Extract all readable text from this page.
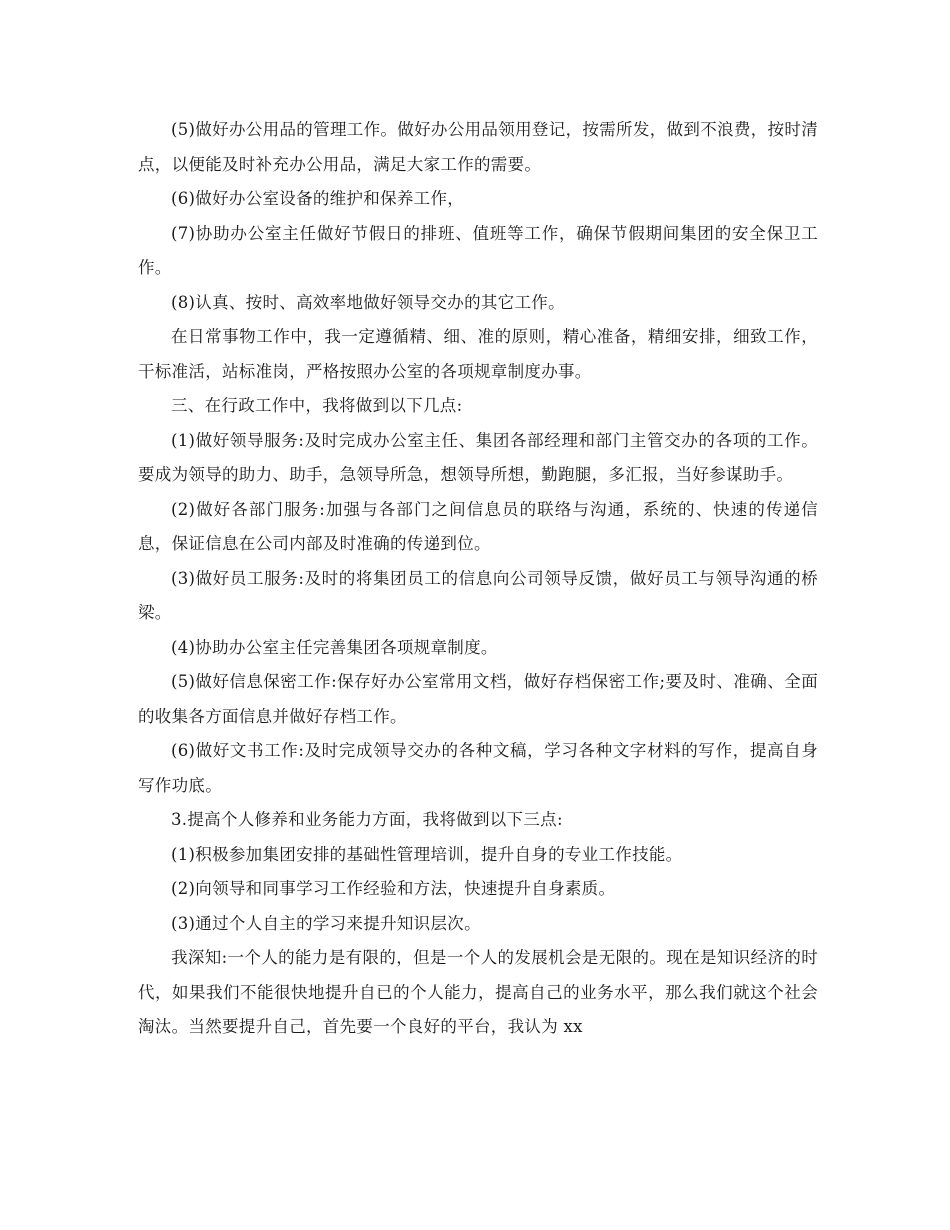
(5)做好办公用品的管理工作。做好办公用品领用登记，按需所发，做到不浪费，按时清点，以便能及时补充办公用品，满足大家工作的需要。

(6)做好办公室设备的维护和保养工作，

(7)协助办公室主任做好节假日的排班、值班等工作，确保节假期间集团的安全保卫工作。

(8)认真、按时、高效率地做好领导交办的其它工作。

在日常事物工作中，我一定遵循精、细、准的原则，精心准备，精细安排，细致工作，干标准活，站标准岗，严格按照办公室的各项规章制度办事。

三、在行政工作中，我将做到以下几点:

(1)做好领导服务:及时完成办公室主任、集团各部经理和部门主管交办的各项的工作。要成为领导的助力、助手，急领导所急，想领导所想，勤跑腿，多汇报，当好参谋助手。

(2)做好各部门服务:加强与各部门之间信息员的联络与沟通，系统的、快速的传递信息，保证信息在公司内部及时准确的传递到位。

(3)做好员工服务:及时的将集团员工的信息向公司领导反馈，做好员工与领导沟通的桥梁。

(4)协助办公室主任完善集团各项规章制度。

(5)做好信息保密工作:保存好办公室常用文档，做好存档保密工作;要及时、准确、全面的收集各方面信息并做好存档工作。

(6)做好文书工作:及时完成领导交办的各种文稿，学习各种文字材料的写作，提高自身写作功底。

3.提高个人修养和业务能力方面，我将做到以下三点:

(1)积极参加集团安排的基础性管理培训，提升自身的专业工作技能。

(2)向领导和同事学习工作经验和方法，快速提升自身素质。

(3)通过个人自主的学习来提升知识层次。

我深知:一个人的能力是有限的，但是一个人的发展机会是无限的。现在是知识经济的时代，如果我们不能很快地提升自已的个人能力，提高自己的业务水平，那么我们就这个社会淘汰。当然要提升自己，首先要一个良好的平台，我认为 xx
